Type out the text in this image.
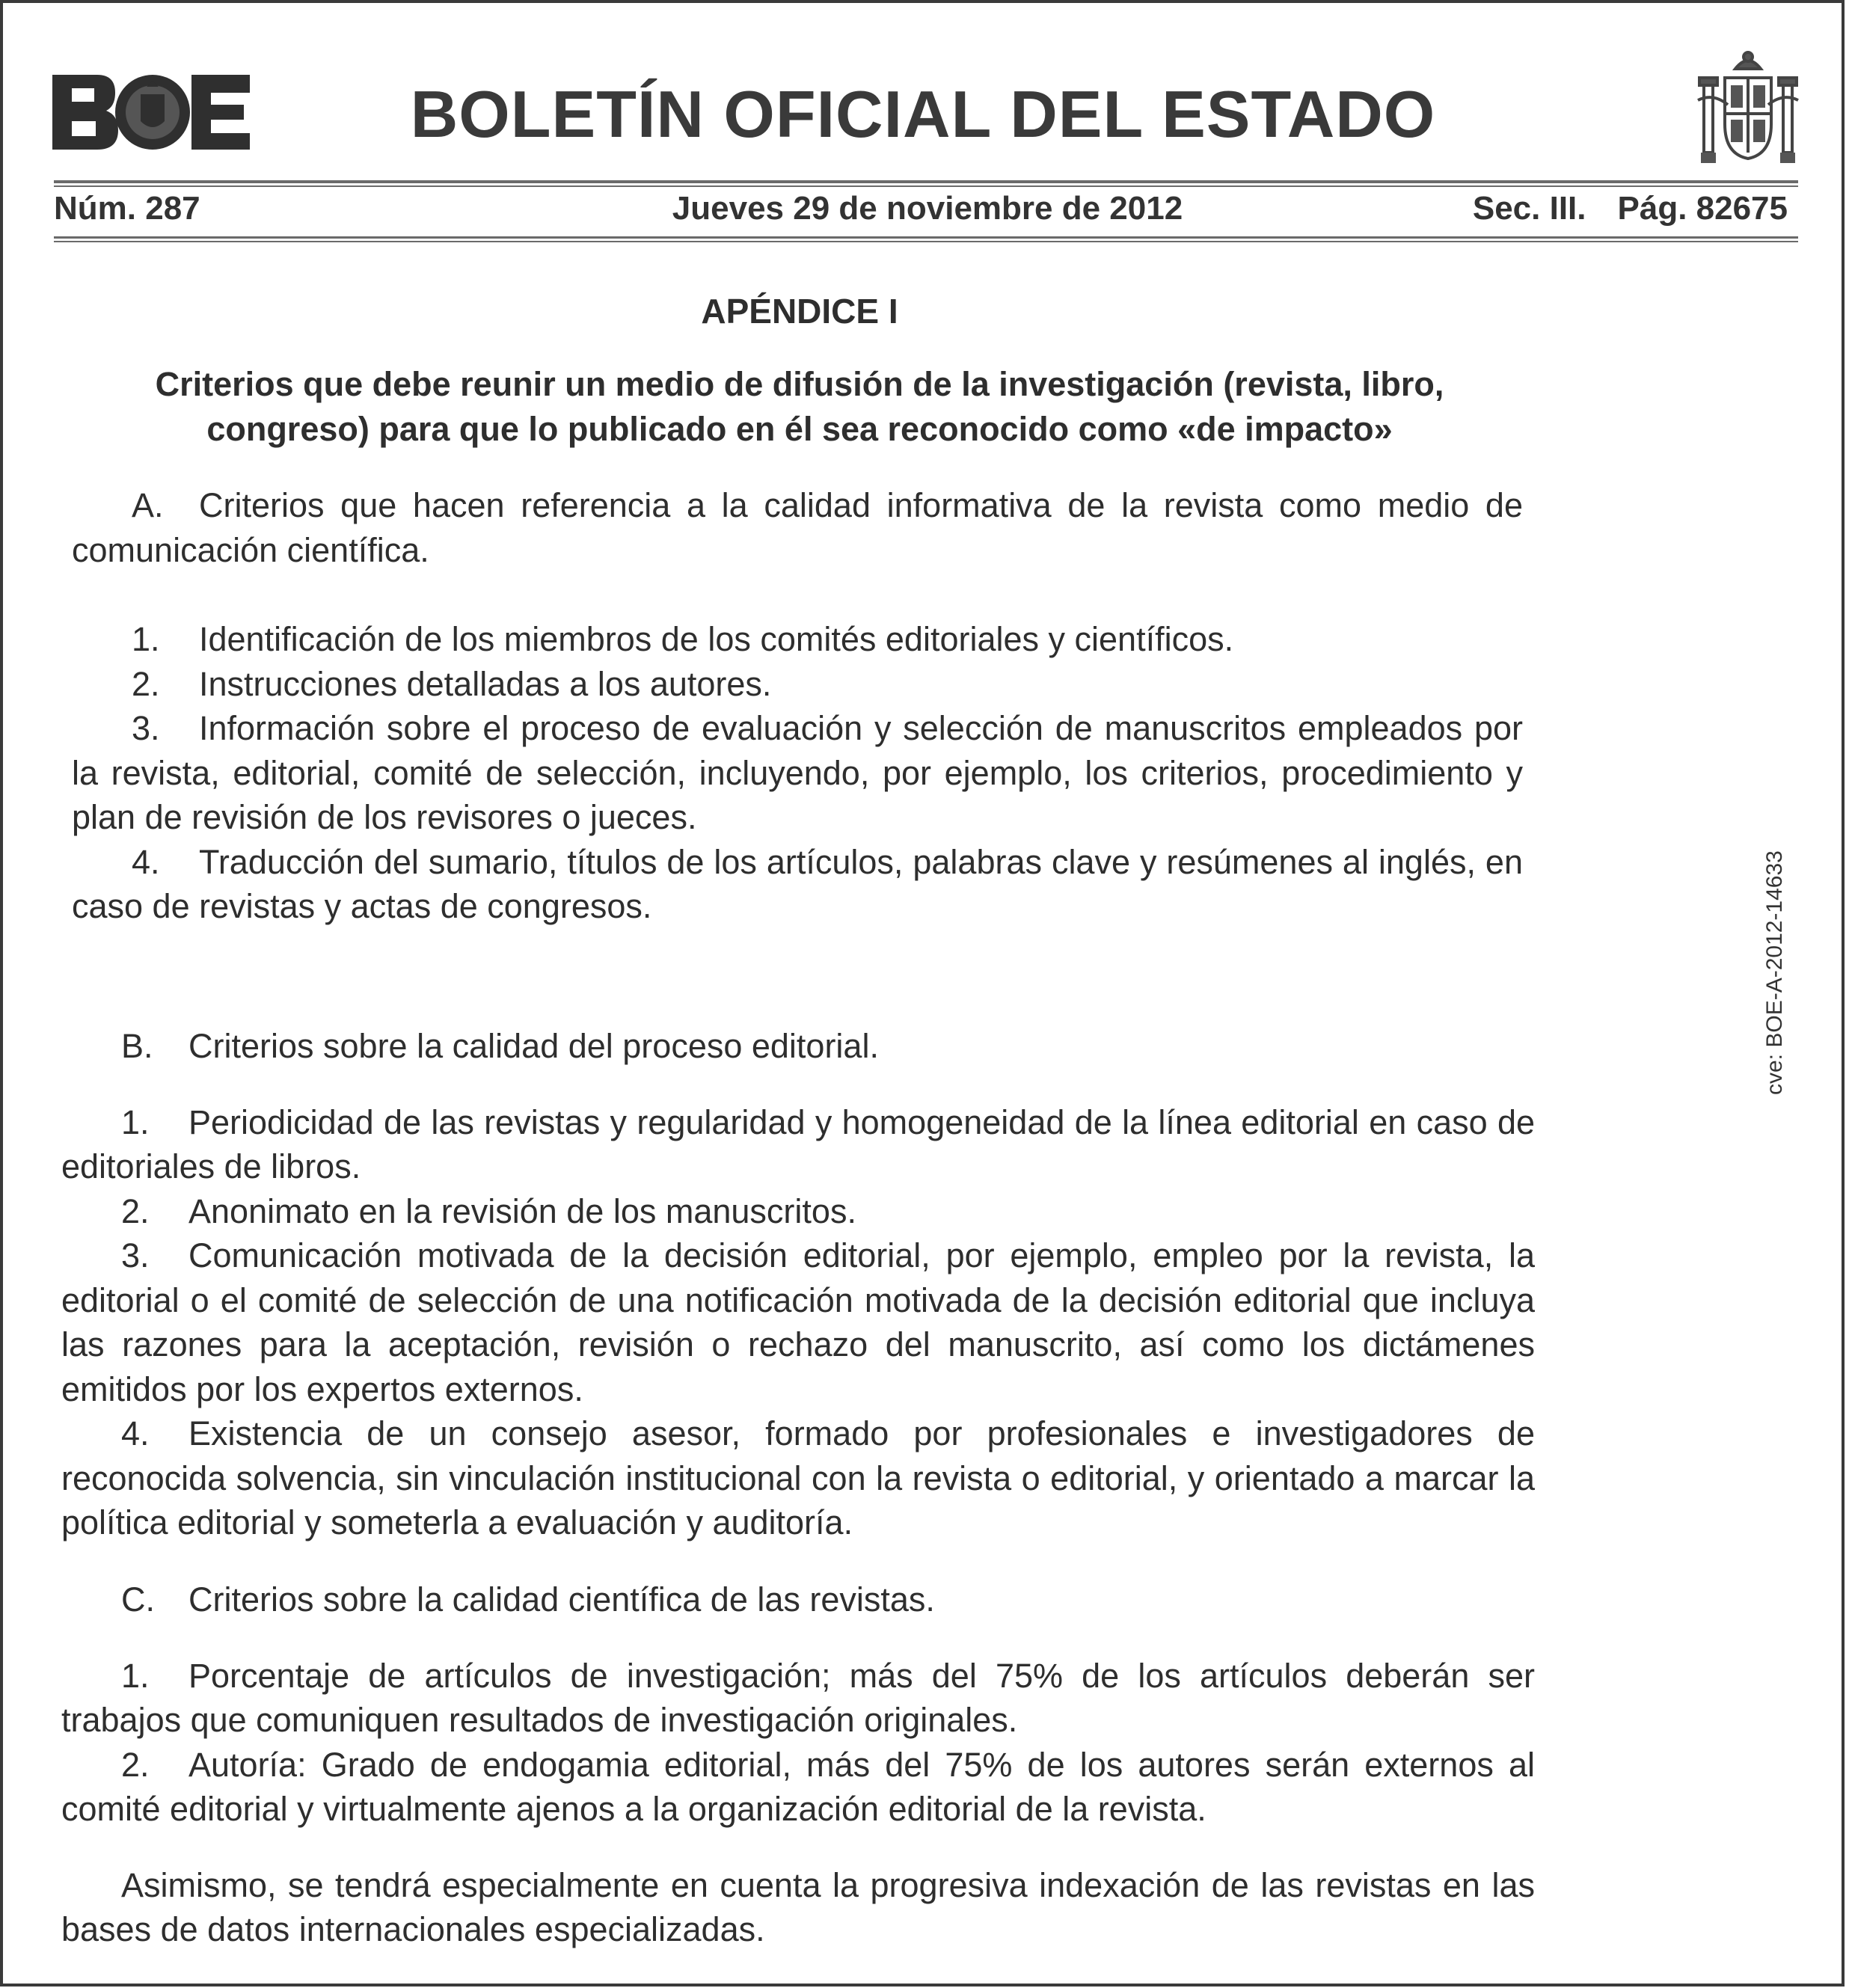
BOLETÍN OFICIAL DEL ESTADO
Núm. 287	Jueves 29 de noviembre de 2012	Sec. III. Pág. 82675
APÉNDICE I
Criterios que debe reunir un medio de difusión de la investigación (revista, libro, congreso) para que lo publicado en él sea reconocido como «de impacto»

A. Criterios que hacen referencia a la calidad informativa de la revista como medio de comunicación científica.

1. Identificación de los miembros de los comités editoriales y científicos.

2. Instrucciones detalladas a los autores.

3. Información sobre el proceso de evaluación y selección de manuscritos empleados por la revista, editorial, comité de selección, incluyendo, por ejemplo, los criterios, procedimiento y plan de revisión de los revisores o jueces.

4. Traducción del sumario, títulos de los artículos, palabras clave y resúmenes al inglés, en caso de revistas y actas de congresos.

B. Criterios sobre la calidad del proceso editorial.

1. Periodicidad de las revistas y regularidad y homogeneidad de la línea editorial en caso de editoriales de libros.

2. Anonimato en la revisión de los manuscritos.

3. Comunicación motivada de la decisión editorial, por ejemplo, empleo por la revista, la editorial o el comité de selección de una notificación motivada de la decisión editorial que incluya las razones para la aceptación, revisión o rechazo del manuscrito, así como los dictámenes emitidos por los expertos externos.

4. Existencia de un consejo asesor, formado por profesionales e investigadores de reconocida solvencia, sin vinculación institucional con la revista o editorial, y orientado a marcar la política editorial y someterla a evaluación y auditoría.

C. Criterios sobre la calidad científica de las revistas.

1. Porcentaje de artículos de investigación; más del 75% de los artículos deberán ser trabajos que comuniquen resultados de investigación originales.

2. Autoría: Grado de endogamia editorial, más del 75% de los autores serán externos al comité editorial y virtualmente ajenos a la organización editorial de la revista.

Asimismo, se tendrá especialmente en cuenta la progresiva indexación de las revistas en las bases de datos internacionales especializadas.

cve: BOE-A-2012-14633
